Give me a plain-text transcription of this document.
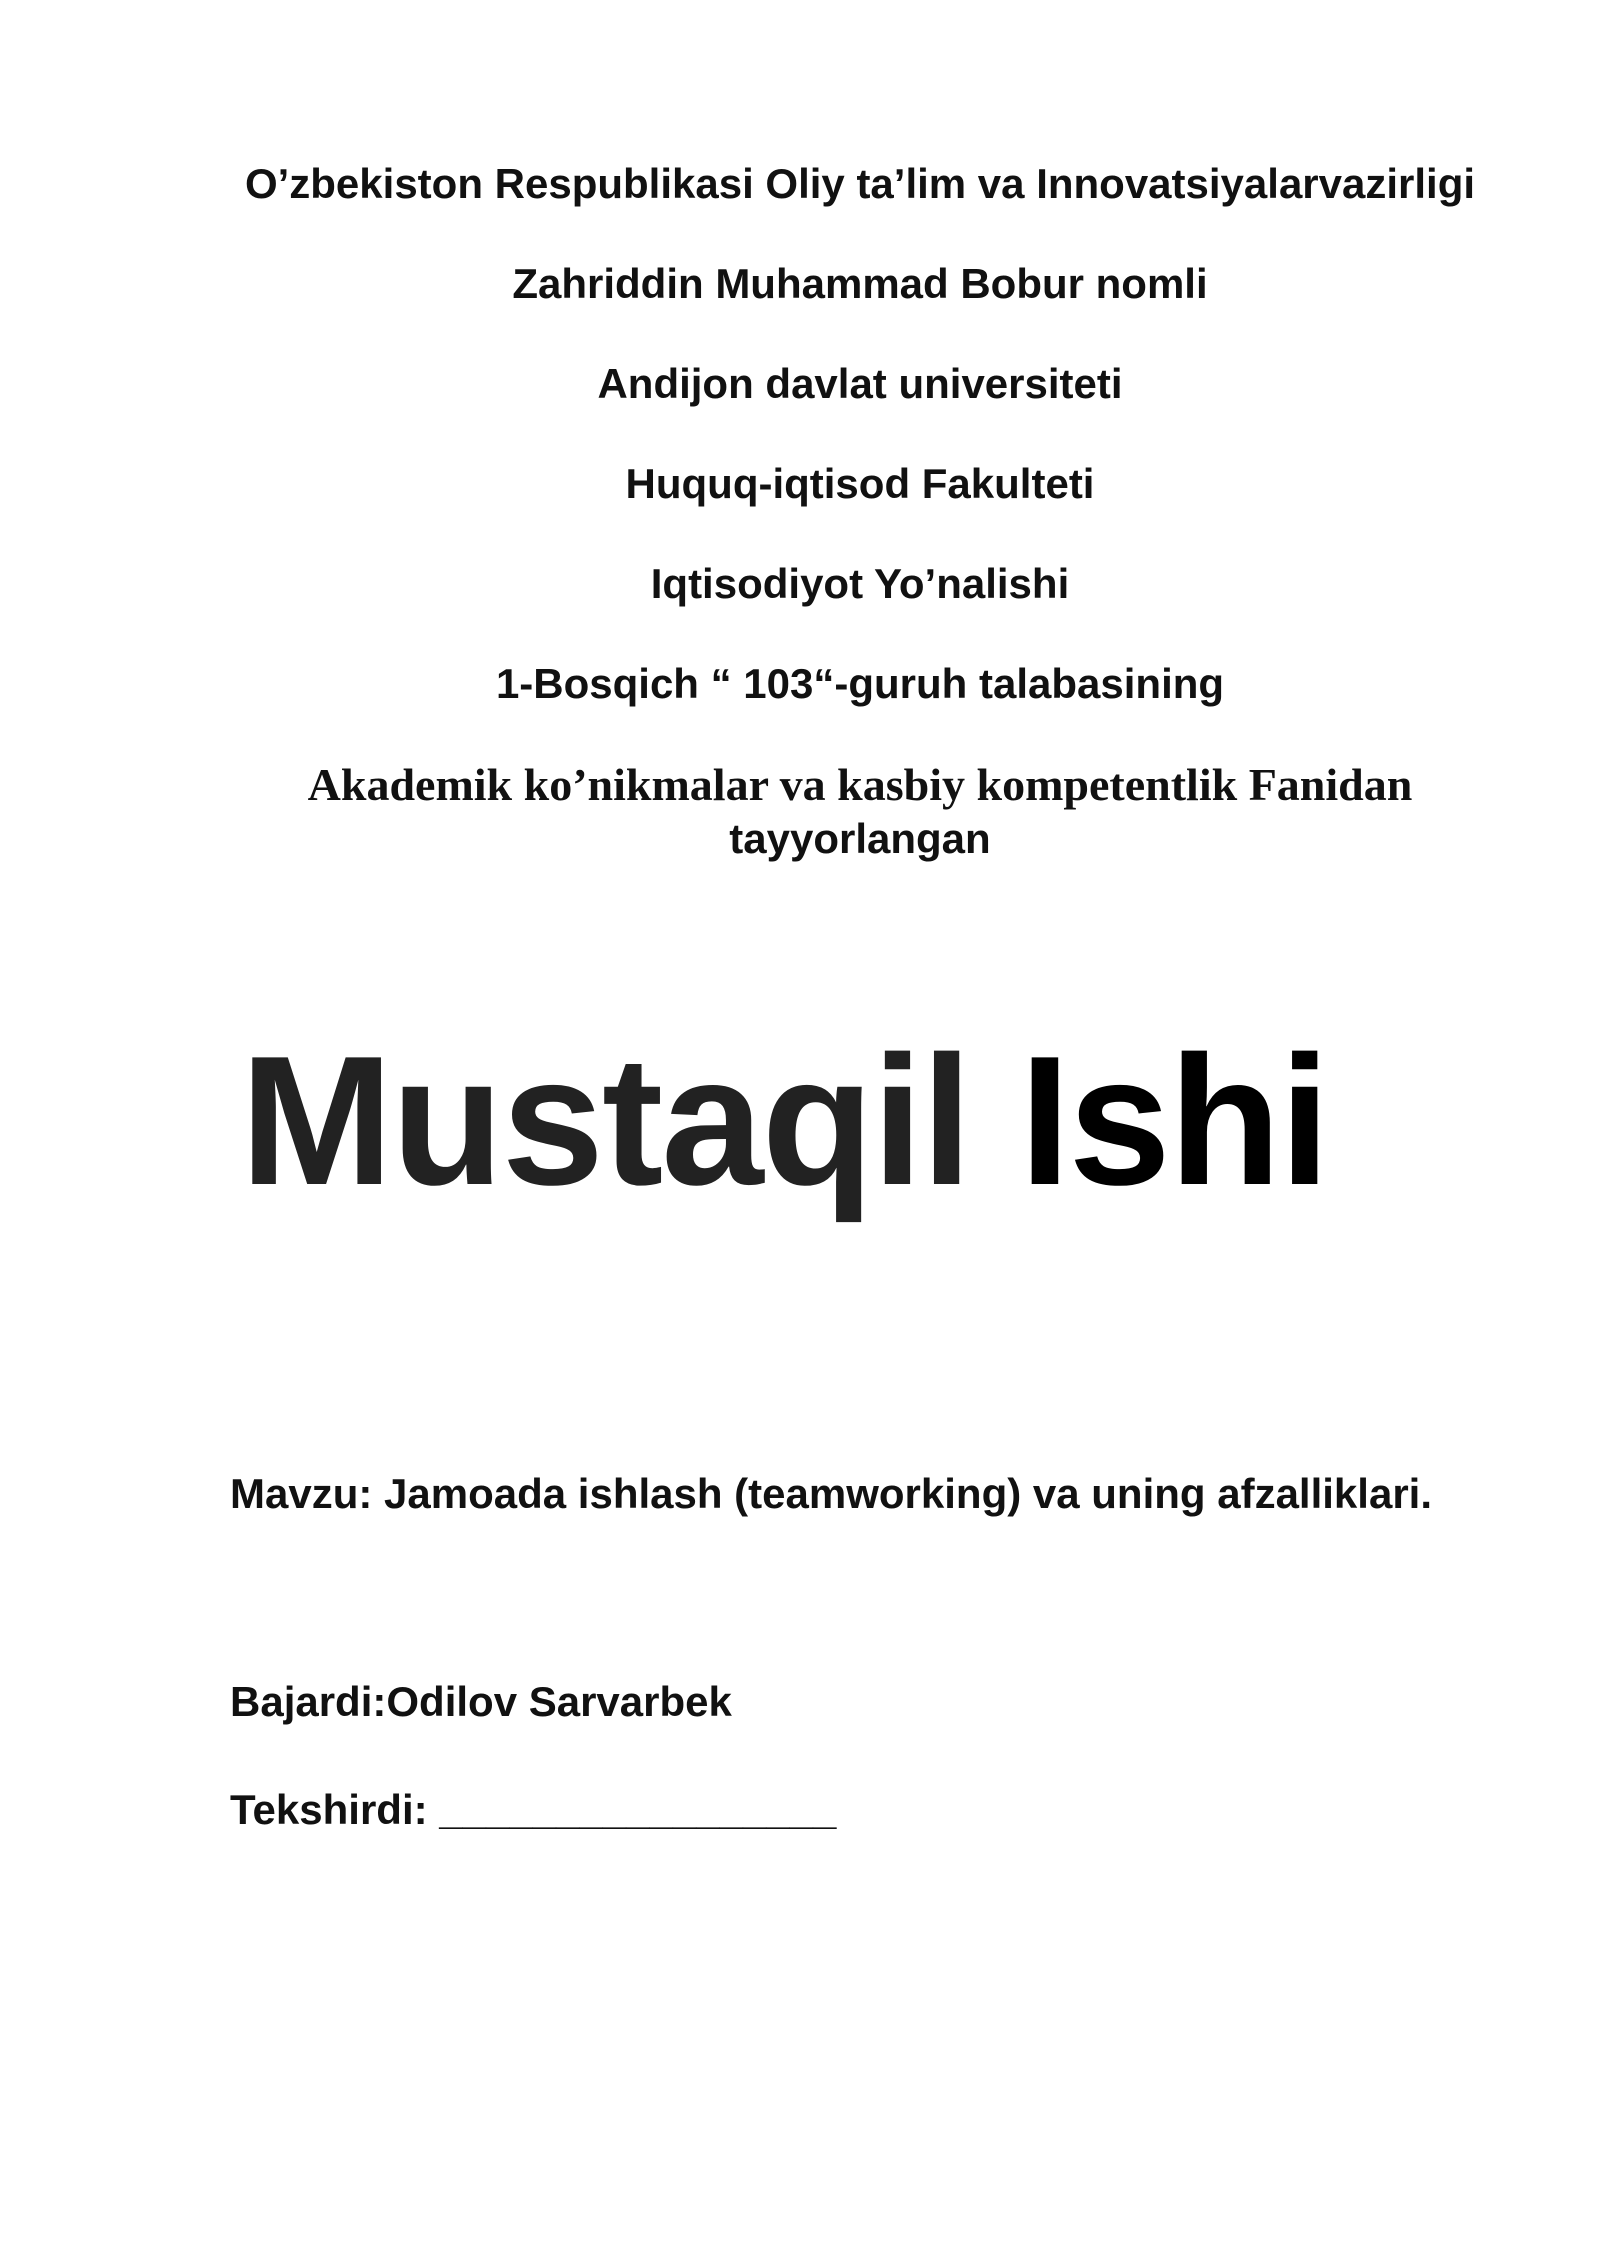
O’zbekiston Respublikasi Oliy ta’lim va Innovatsiyalarvazirligi
Zahriddin Muhammad Bobur nomli
Andijon davlat universiteti
Huquq-iqtisod Fakulteti
Iqtisodiyot Yo’nalishi
1-Bosqich “ 103“-guruh talabasining
Akademik ko’nikmalar va kasbiy kompetentlik Fanidan
tayyorlangan
Mustaqil Ishi
Mavzu: Jamoada ishlash (teamworking) va uning afzalliklari.
Bajardi:Odilov Sarvarbek
Tekshirdi: _________________
